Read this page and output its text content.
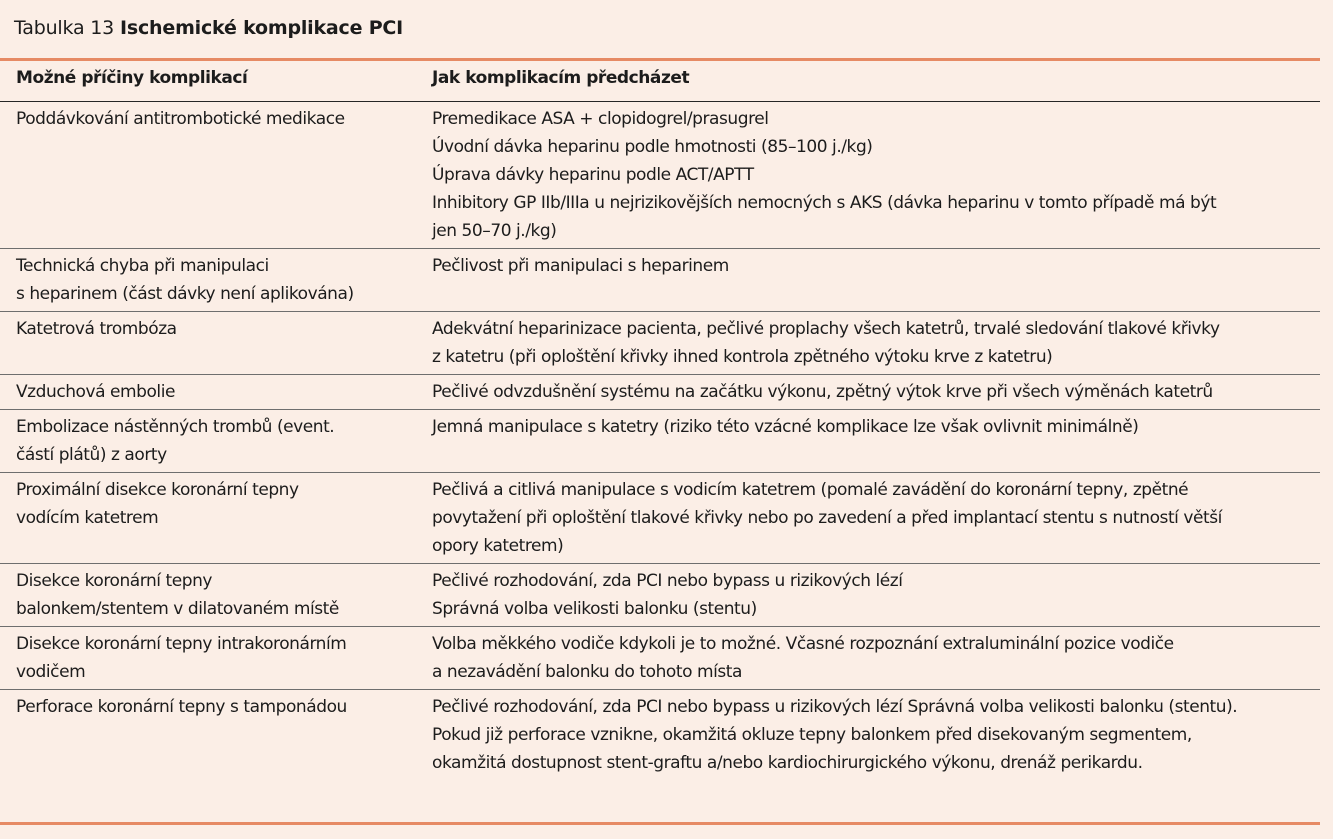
Tabulka 13 Ischemické komplikace PCI
Možné příčiny komplikací	Jak komplikacím předcházet

Poddávkování antitrombotické medikace	Premedikace ASA + clopidogrel/prasugrel
Úvodní dávka heparinu podle hmotnosti (85–100 j./kg)
Úprava dávky heparinu podle ACT/APTT
Inhibitory GP IIb/IIIa u nejrizikovějších nemocných s AKS (dávka heparinu v tomto případě má být
jen 50–70 j./kg)

Technická chyba při manipulaci
s heparinem (část dávky není aplikována)	Pečlivost při manipulaci s heparinem

Katetrová trombóza	Adekvátní heparinizace pacienta, pečlivé proplachy všech katetrů, trvalé sledování tlakové křivky
z katetru (při oploštění křivky ihned kontrola zpětného výtoku krve z katetru)

Vzduchová embolie	Pečlivé odvzdušnění systému na začátku výkonu, zpětný výtok krve při všech výměnách katetrů

Embolizace nástěnných trombů (event.
částí plátů) z aorty	Jemná manipulace s katetry (riziko této vzácné komplikace lze však ovlivnit minimálně)

Proximální disekce koronární tepny
vodícím katetrem	Pečlivá a citlivá manipulace s vodicím katetrem (pomalé zavádění do koronární tepny, zpětné
povytažení při oploštění tlakové křivky nebo po zavedení a před implantací stentu s nutností větší
opory katetrem)

Disekce koronární tepny
balonkem/stentem v dilatovaném místě	Pečlivé rozhodování, zda PCI nebo bypass u rizikových lézí
Správná volba velikosti balonku (stentu)

Disekce koronární tepny intrakoronárním
vodičem	Volba měkkého vodiče kdykoli je to možné. Včasné rozpoznání extraluminální pozice vodiče
a nezavádění balonku do tohoto místa

Perforace koronární tepny s tamponádou	Pečlivé rozhodování, zda PCI nebo bypass u rizikových lézí Správná volba velikosti balonku (stentu).
Pokud již perforace vznikne, okamžitá okluze tepny balonkem před disekovaným segmentem,
okamžitá dostupnost stent-graftu a/nebo kardiochirurgického výkonu, drenáž perikardu.
